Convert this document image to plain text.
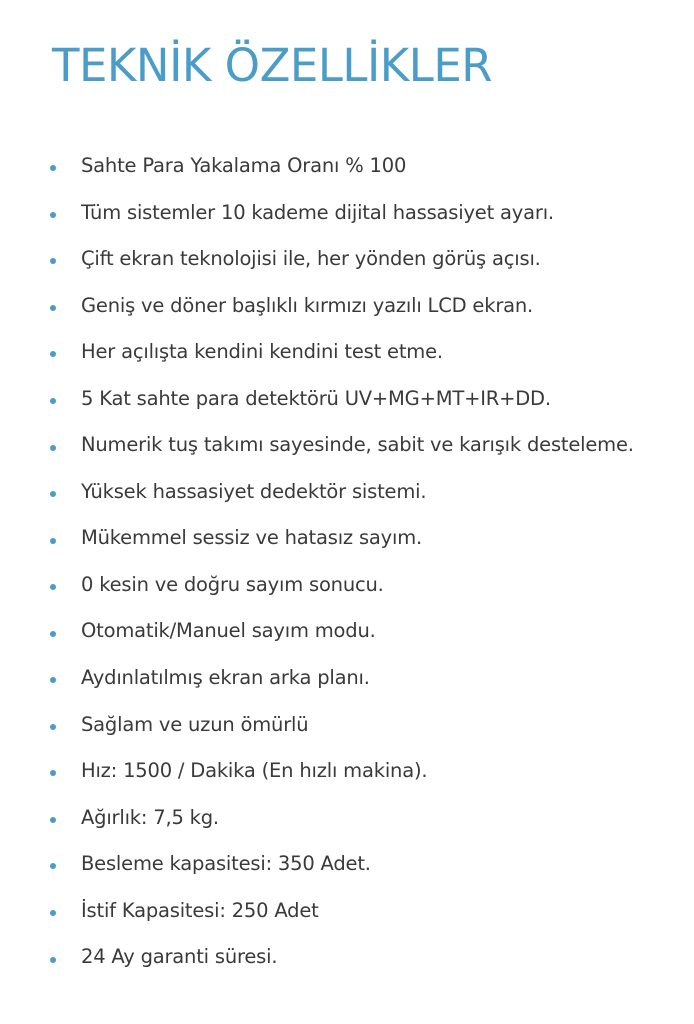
TEKNİK ÖZELLİKLER
Sahte Para Yakalama Oranı % 100
Tüm sistemler 10 kademe dijital hassasiyet ayarı.
Çift ekran teknolojisi ile, her yönden görüş açısı.
Geniş ve döner başlıklı kırmızı yazılı LCD ekran.
Her açılışta kendini kendini test etme.
5 Kat sahte para detektörü UV+MG+MT+IR+DD.
Numerik tuş takımı sayesinde, sabit ve karışık desteleme.
Yüksek hassasiyet dedektör sistemi.
Mükemmel sessiz ve hatasız sayım.
0 kesin ve doğru sayım sonucu.
Otomatik/Manuel sayım modu.
Aydınlatılmış ekran arka planı.
Sağlam ve uzun ömürlü
Hız: 1500 / Dakika (En hızlı makina).
Ağırlık: 7,5 kg.
Besleme kapasitesi: 350 Adet.
İstif Kapasitesi: 250 Adet
24 Ay garanti süresi.
